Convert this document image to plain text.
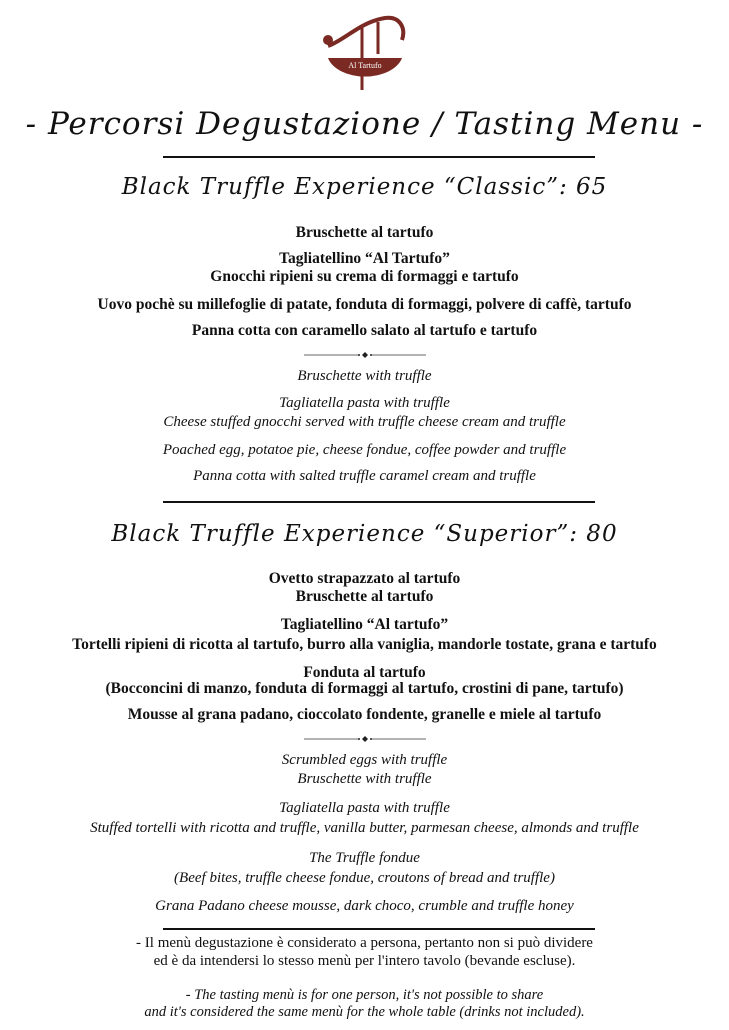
Al Tartufo
- Percorsi Degustazione / Tasting Menu -
Black Truffle Experience “Classic”: 65
Bruschette al tartufo
Tagliatellino “Al Tartufo”
Gnocchi ripieni su crema di formaggi e tartufo
Uovo pochè su millefoglie di patate, fonduta di formaggi, polvere di caffè, tartufo
Panna cotta con caramello salato al tartufo e tartufo
Bruschette with truffle
Tagliatella pasta with truffle
Cheese stuffed gnocchi served with truffle cheese cream and truffle
Poached egg, potatoe pie, cheese fondue, coffee powder and truffle
Panna cotta with salted truffle caramel cream and truffle
Black Truffle Experience “Superior”: 80
Ovetto strapazzato al tartufo
Bruschette al tartufo
Tagliatellino “Al tartufo”
Tortelli ripieni di ricotta al tartufo, burro alla vaniglia, mandorle tostate, grana e tartufo
Fonduta al tartufo
(Bocconcini di manzo, fonduta di formaggi al tartufo, crostini di pane, tartufo)
Mousse al grana padano, cioccolato fondente, granelle e miele al tartufo
Scrumbled eggs with truffle
Bruschette with truffle
Tagliatella pasta with truffle
Stuffed tortelli with ricotta and truffle, vanilla butter, parmesan cheese, almonds and truffle
The Truffle fondue
(Beef bites, truffle cheese fondue, croutons of bread and truffle)
Grana Padano cheese mousse, dark choco, crumble and truffle honey
- Il menù degustazione è considerato a persona, pertanto non si può dividere
ed è da intendersi lo stesso menù per l'intero tavolo (bevande escluse).
- The tasting menù is for one person, it's not possible to share
and it's considered the same menù for the whole table (drinks not included).
